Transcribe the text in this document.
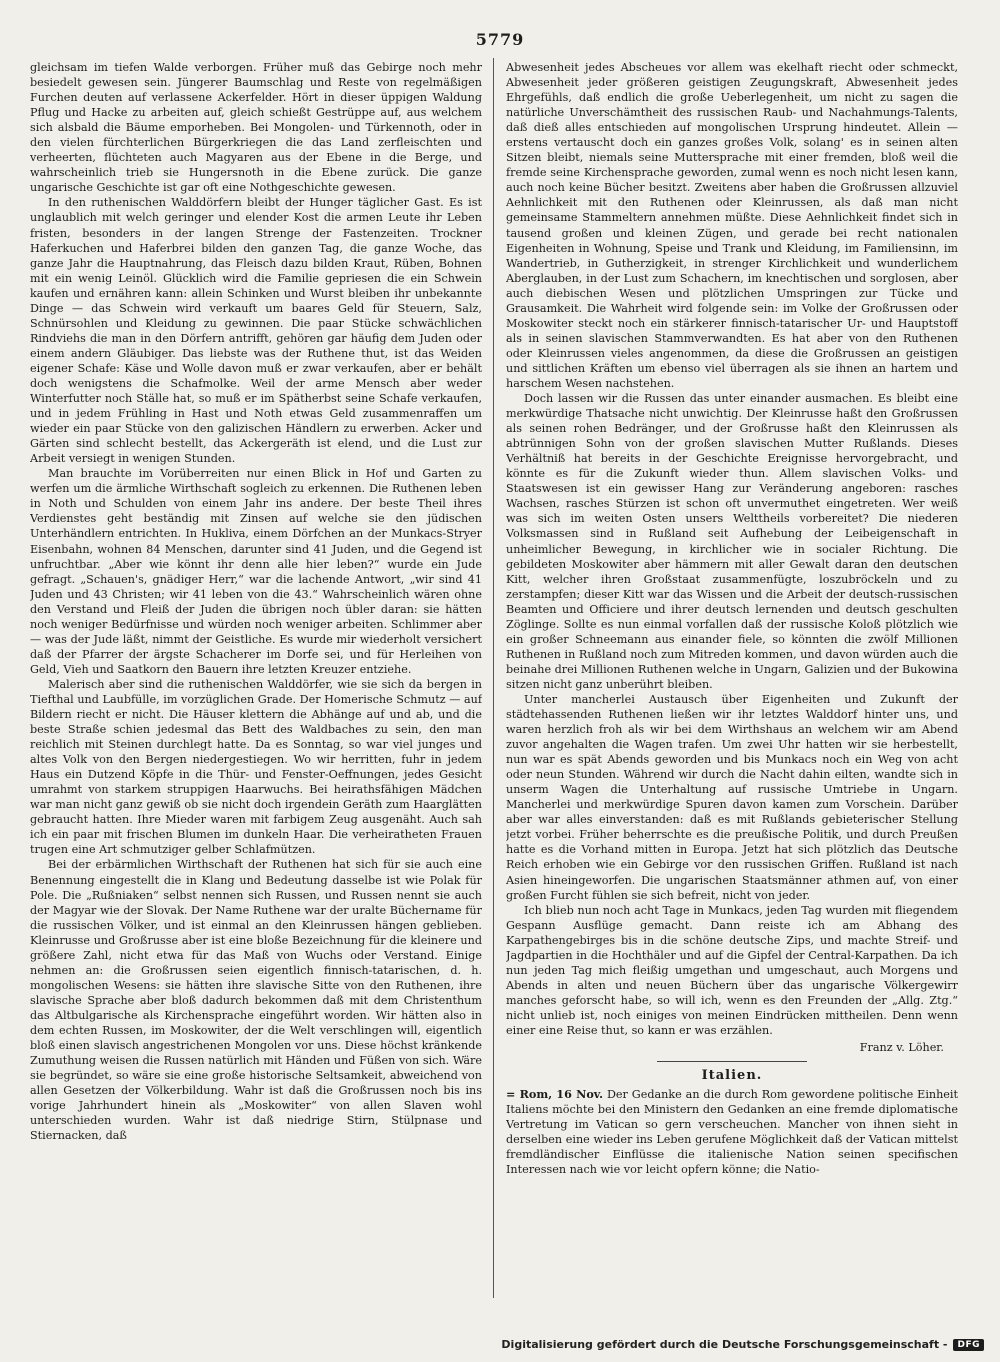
5779

gleichsam im tiefen Walde verborgen. Früher muß das Gebirge noch mehr besiedelt gewesen sein. Jüngerer Baumschlag und Reste von regelmäßigen Furchen deuten auf verlassene Ackerfelder. Hört in dieser üppigen Waldung Pflug und Hacke zu arbeiten auf, gleich schießt Gestrüppe auf, aus welchem sich alsbald die Bäume emporheben. Bei Mongolen- und Türkennoth, oder in den vielen fürchterlichen Bürgerkriegen die das Land zerfleischten und verheerten, flüchteten auch Magyaren aus der Ebene in die Berge, und wahrscheinlich trieb sie Hungersnoth in die Ebene zurück. Die ganze ungarische Geschichte ist gar oft eine Nothgeschichte gewesen.

In den ruthenischen Walddörfern bleibt der Hunger täglicher Gast. Es ist unglaublich mit welch geringer und elender Kost die armen Leute ihr Leben fristen, besonders in der langen Strenge der Fastenzeiten. Trockner Haferkuchen und Haferbrei bilden den ganzen Tag, die ganze Woche, das ganze Jahr die Hauptnahrung, das Fleisch dazu bilden Kraut, Rüben, Bohnen mit ein wenig Leinöl. Glücklich wird die Familie gepriesen die ein Schwein kaufen und ernähren kann: allein Schinken und Wurst bleiben ihr unbekannte Dinge — das Schwein wird verkauft um baares Geld für Steuern, Salz, Schnürsohlen und Kleidung zu gewinnen. Die paar Stücke schwächlichen Rindviehs die man in den Dörfern antrifft, gehören gar häufig dem Juden oder einem andern Gläubiger. Das liebste was der Ruthene thut, ist das Weiden eigener Schafe: Käse und Wolle davon muß er zwar verkaufen, aber er behält doch wenigstens die Schafmolke. Weil der arme Mensch aber weder Winterfutter noch Ställe hat, so muß er im Spätherbst seine Schafe verkaufen, und in jedem Frühling in Hast und Noth etwas Geld zusammenraffen um wieder ein paar Stücke von den galizischen Händlern zu erwerben. Acker und Gärten sind schlecht bestellt, das Ackergeräth ist elend, und die Lust zur Arbeit versiegt in wenigen Stunden.

Man brauchte im Vorüberreiten nur einen Blick in Hof und Garten zu werfen um die ärmliche Wirthschaft sogleich zu erkennen. Die Ruthenen leben in Noth und Schulden von einem Jahr ins andere. Der beste Theil ihres Verdienstes geht beständig mit Zinsen auf welche sie den jüdischen Unterhändlern entrichten. In Hukliva, einem Dörfchen an der Munkacs-Stryer Eisenbahn, wohnen 84 Menschen, darunter sind 41 Juden, und die Gegend ist unfruchtbar. „Aber wie könnt ihr denn alle hier leben?“ wurde ein Jude gefragt. „Schauen's, gnädiger Herr,“ war die lachende Antwort, „wir sind 41 Juden und 43 Christen; wir 41 leben von die 43.“ Wahrscheinlich wären ohne den Verstand und Fleiß der Juden die übrigen noch übler daran: sie hätten noch weniger Bedürfnisse und würden noch weniger arbeiten. Schlimmer aber — was der Jude läßt, nimmt der Geistliche. Es wurde mir wiederholt versichert daß der Pfarrer der ärgste Schacherer im Dorfe sei, und für Herleihen von Geld, Vieh und Saatkorn den Bauern ihre letzten Kreuzer entziehe.

Malerisch aber sind die ruthenischen Walddörfer, wie sie sich da bergen in Tiefthal und Laubfülle, im vorzüglichen Grade. Der Homerische Schmutz — auf Bildern riecht er nicht. Die Häuser klettern die Abhänge auf und ab, und die beste Straße schien jedesmal das Bett des Waldbaches zu sein, den man reichlich mit Steinen durchlegt hatte. Da es Sonntag, so war viel junges und altes Volk von den Bergen niedergestiegen. Wo wir herritten, fuhr in jedem Haus ein Dutzend Köpfe in die Thür- und Fenster-Oeffnungen, jedes Gesicht umrahmt von starkem struppigen Haarwuchs. Bei heirathsfähigen Mädchen war man nicht ganz gewiß ob sie nicht doch irgendein Geräth zum Haarglätten gebraucht hatten. Ihre Mieder waren mit farbigem Zeug ausgenäht. Auch sah ich ein paar mit frischen Blumen im dunkeln Haar. Die verheiratheten Frauen trugen eine Art schmutziger gelber Schlafmützen.

Bei der erbärmlichen Wirthschaft der Ruthenen hat sich für sie auch eine Benennung eingestellt die in Klang und Bedeutung dasselbe ist wie Polak für Pole. Die „Rußniaken“ selbst nennen sich Russen, und Russen nennt sie auch der Magyar wie der Slovak. Der Name Ruthene war der uralte Büchername für die russischen Völker, und ist einmal an den Kleinrussen hängen geblieben. Kleinrusse und Großrusse aber ist eine bloße Bezeichnung für die kleinere und größere Zahl, nicht etwa für das Maß von Wuchs oder Verstand. Einige nehmen an: die Großrussen seien eigentlich finnisch-tatarischen, d. h. mongolischen Wesens: sie hätten ihre slavische Sitte von den Ruthenen, ihre slavische Sprache aber bloß dadurch bekommen daß mit dem Christenthum das Altbulgarische als Kirchensprache eingeführt worden. Wir hätten also in dem echten Russen, im Moskowiter, der die Welt verschlingen will, eigentlich bloß einen slavisch angestrichenen Mongolen vor uns. Diese höchst kränkende Zumuthung weisen die Russen natürlich mit Händen und Füßen von sich. Wäre sie begründet, so wäre sie eine große historische Seltsamkeit, abweichend von allen Gesetzen der Völkerbildung. Wahr ist daß die Großrussen noch bis ins vorige Jahrhundert hinein als „Moskowiter“ von allen Slaven wohl unterschieden wurden. Wahr ist daß niedrige Stirn, Stülpnase und Stiernacken, daß

Abwesenheit jedes Abscheues vor allem was ekelhaft riecht oder schmeckt, Abwesenheit jeder größeren geistigen Zeugungskraft, Abwesenheit jedes Ehrgefühls, daß endlich die große Ueberlegenheit, um nicht zu sagen die natürliche Unverschämtheit des russischen Raub- und Nachahmungs-Talents, daß dieß alles entschieden auf mongolischen Ursprung hindeutet. Allein — erstens vertauscht doch ein ganzes großes Volk, solang' es in seinen alten Sitzen bleibt, niemals seine Muttersprache mit einer fremden, bloß weil die fremde seine Kirchensprache geworden, zumal wenn es noch nicht lesen kann, auch noch keine Bücher besitzt. Zweitens aber haben die Großrussen allzuviel Aehnlichkeit mit den Ruthenen oder Kleinrussen, als daß man nicht gemeinsame Stammeltern annehmen müßte. Diese Aehnlichkeit findet sich in tausend großen und kleinen Zügen, und gerade bei recht nationalen Eigenheiten in Wohnung, Speise und Trank und Kleidung, im Familiensinn, im Wandertrieb, in Gutherzigkeit, in strenger Kirchlichkeit und wunderlichem Aberglauben, in der Lust zum Schachern, im knechtischen und sorglosen, aber auch diebischen Wesen und plötzlichen Umspringen zur Tücke und Grausamkeit. Die Wahrheit wird folgende sein: im Volke der Großrussen oder Moskowiter steckt noch ein stärkerer finnisch-tatarischer Ur- und Hauptstoff als in seinen slavischen Stammverwandten. Es hat aber von den Ruthenen oder Kleinrussen vieles angenommen, da diese die Großrussen an geistigen und sittlichen Kräften um ebenso viel überragen als sie ihnen an hartem und harschem Wesen nachstehen.

Doch lassen wir die Russen das unter einander ausmachen. Es bleibt eine merkwürdige Thatsache nicht unwichtig. Der Kleinrusse haßt den Großrussen als seinen rohen Bedränger, und der Großrusse haßt den Kleinrussen als abtrünnigen Sohn von der großen slavischen Mutter Rußlands. Dieses Verhältniß hat bereits in der Geschichte Ereignisse hervorgebracht, und könnte es für die Zukunft wieder thun. Allem slavischen Volks- und Staatswesen ist ein gewisser Hang zur Veränderung angeboren: rasches Wachsen, rasches Stürzen ist schon oft unvermuthet eingetreten. Wer weiß was sich im weiten Osten unsers Welttheils vorbereitet? Die niederen Volksmassen sind in Rußland seit Aufhebung der Leibeigenschaft in unheimlicher Bewegung, in kirchlicher wie in socialer Richtung. Die gebildeten Moskowiter aber hämmern mit aller Gewalt daran den deutschen Kitt, welcher ihren Großstaat zusammenfügte, loszubröckeln und zu zerstampfen; dieser Kitt war das Wissen und die Arbeit der deutsch-russischen Beamten und Officiere und ihrer deutsch lernenden und deutsch geschulten Zöglinge. Sollte es nun einmal vorfallen daß der russische Koloß plötzlich wie ein großer Schneemann aus einander fiele, so könnten die zwölf Millionen Ruthenen in Rußland noch zum Mitreden kommen, und davon würden auch die beinahe drei Millionen Ruthenen welche in Ungarn, Galizien und der Bukowina sitzen nicht ganz unberührt bleiben.

Unter mancherlei Austausch über Eigenheiten und Zukunft der städtehassenden Ruthenen ließen wir ihr letztes Walddorf hinter uns, und waren herzlich froh als wir bei dem Wirthshaus an welchem wir am Abend zuvor angehalten die Wagen trafen. Um zwei Uhr hatten wir sie herbestellt, nun war es spät Abends geworden und bis Munkacs noch ein Weg von acht oder neun Stunden. Während wir durch die Nacht dahin eilten, wandte sich in unserm Wagen die Unterhaltung auf russische Umtriebe in Ungarn. Mancherlei und merkwürdige Spuren davon kamen zum Vorschein. Darüber aber war alles einverstanden: daß es mit Rußlands gebieterischer Stellung jetzt vorbei. Früher beherrschte es die preußische Politik, und durch Preußen hatte es die Vorhand mitten in Europa. Jetzt hat sich plötzlich das Deutsche Reich erhoben wie ein Gebirge vor den russischen Griffen. Rußland ist nach Asien hineingeworfen. Die ungarischen Staatsmänner athmen auf, von einer großen Furcht fühlen sie sich befreit, nicht von jeder.

Ich blieb nun noch acht Tage in Munkacs, jeden Tag wurden mit fliegendem Gespann Ausflüge gemacht. Dann reiste ich am Abhang des Karpathengebirges bis in die schöne deutsche Zips, und machte Streif- und Jagdpartien in die Hochthäler und auf die Gipfel der Central-Karpathen. Da ich nun jeden Tag mich fleißig umgethan und umgeschaut, auch Morgens und Abends in alten und neuen Büchern über das ungarische Völkergewirr manches geforscht habe, so will ich, wenn es den Freunden der „Allg. Ztg.“ nicht unlieb ist, noch einiges von meinen Eindrücken mittheilen. Denn wenn einer eine Reise thut, so kann er was erzählen.

Franz v. Löher.
Italien.

= Rom, 16 Nov. Der Gedanke an die durch Rom gewordene politische Einheit Italiens möchte bei den Ministern den Gedanken an eine fremde diplomatische Vertretung im Vatican so gern verscheuchen. Mancher von ihnen sieht in derselben eine wieder ins Leben gerufene Möglichkeit daß der Vatican mittelst fremdländischer Einflüsse die italienische Nation seinen specifischen Interessen nach wie vor leicht opfern könne; die Natio-

Digitalisierung gefördert durch die Deutsche Forschungsgemeinschaft -	DFG
